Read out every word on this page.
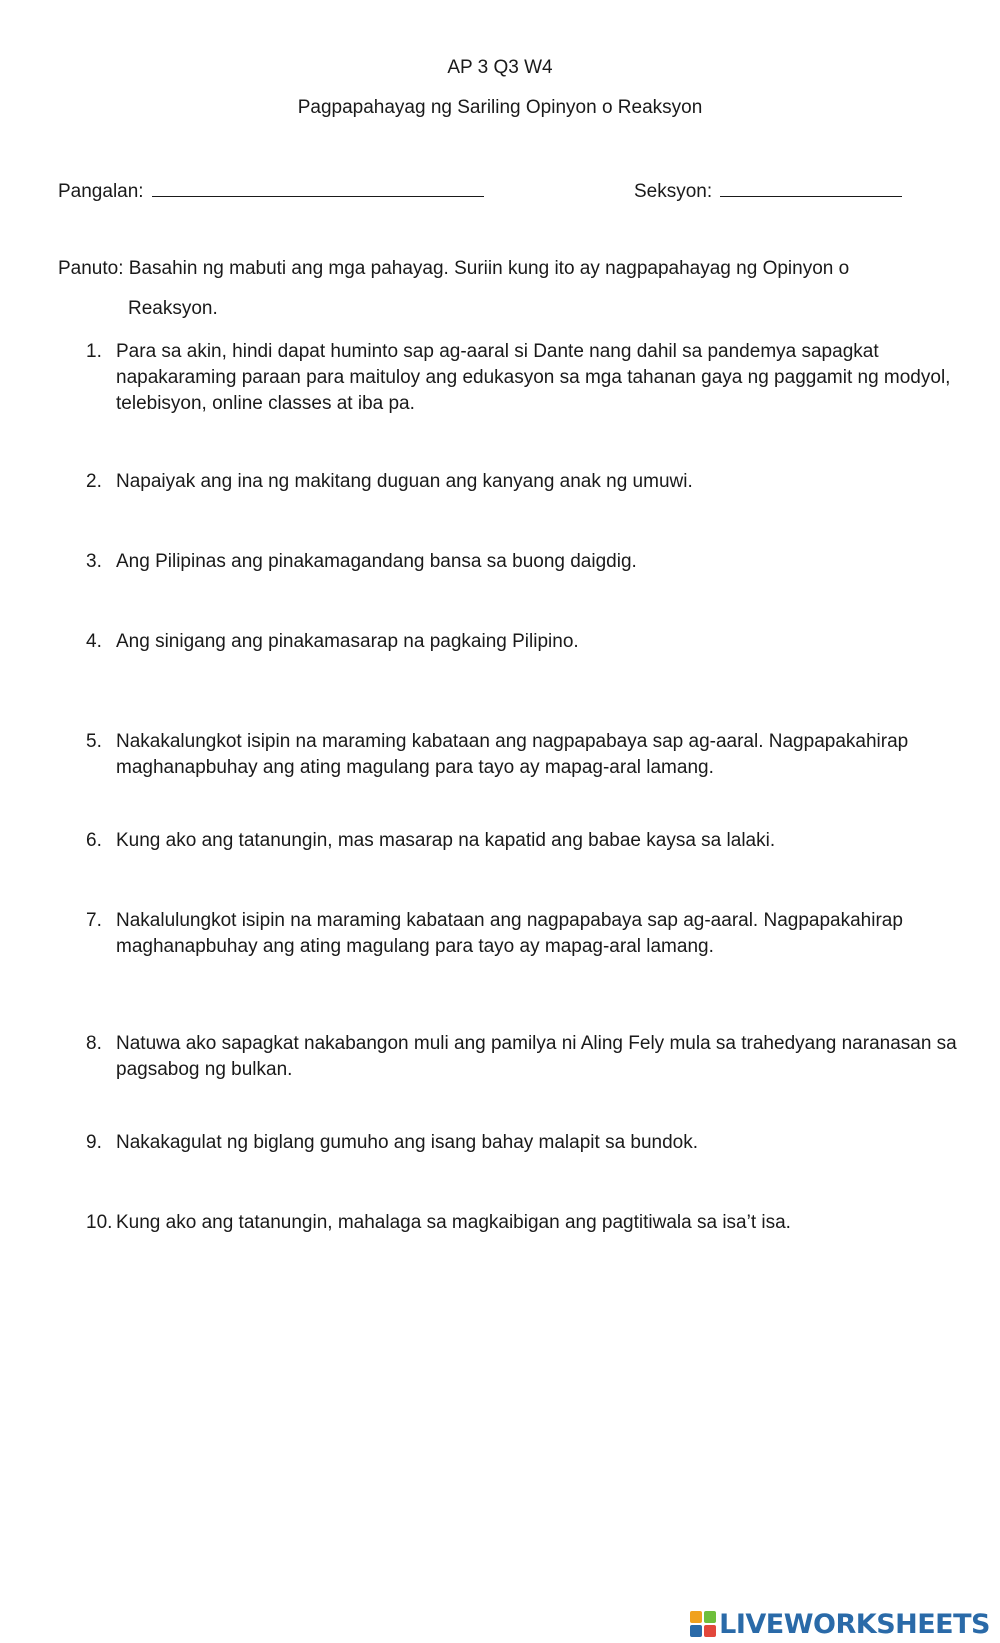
AP 3 Q3 W4
Pagpapahayag ng Sariling Opinyon o Reaksyon
Pangalan:	Seksyon:
Panuto: Basahin ng mabuti ang mga pahayag. Suriin kung ito ay nagpapahayag ng Opinyon o
Reaksyon.
1. Para sa akin, hindi dapat huminto sap ag-aaral si Dante nang dahil sa pandemya sapagkat napakaraming paraan para maituloy ang edukasyon sa mga tahanan gaya ng paggamit ng modyol, telebisyon, online classes at iba pa.
2. Napaiyak ang ina ng makitang duguan ang kanyang anak ng umuwi.
3. Ang Pilipinas ang pinakamagandang bansa sa buong daigdig.
4. Ang sinigang ang pinakamasarap na pagkaing Pilipino.
5. Nakakalungkot isipin na maraming kabataan ang nagpapabaya sap ag-aaral. Nagpapakahirap maghanapbuhay ang ating magulang para tayo ay mapag-aral lamang.
6. Kung ako ang tatanungin, mas masarap na kapatid ang babae kaysa sa lalaki.
7. Nakalulungkot isipin na maraming kabataan ang nagpapabaya sap ag-aaral. Nagpapakahirap maghanapbuhay ang ating magulang para tayo ay mapag-aral lamang.
8. Natuwa ako sapagkat nakabangon muli ang pamilya ni Aling Fely mula sa trahedyang naranasan sa pagsabog ng bulkan.
9. Nakakagulat ng biglang gumuho ang isang bahay malapit sa bundok.
10. Kung ako ang tatanungin, mahalaga sa magkaibigan ang pagtitiwala sa isa’t isa.
LIVEWORKSHEETS
